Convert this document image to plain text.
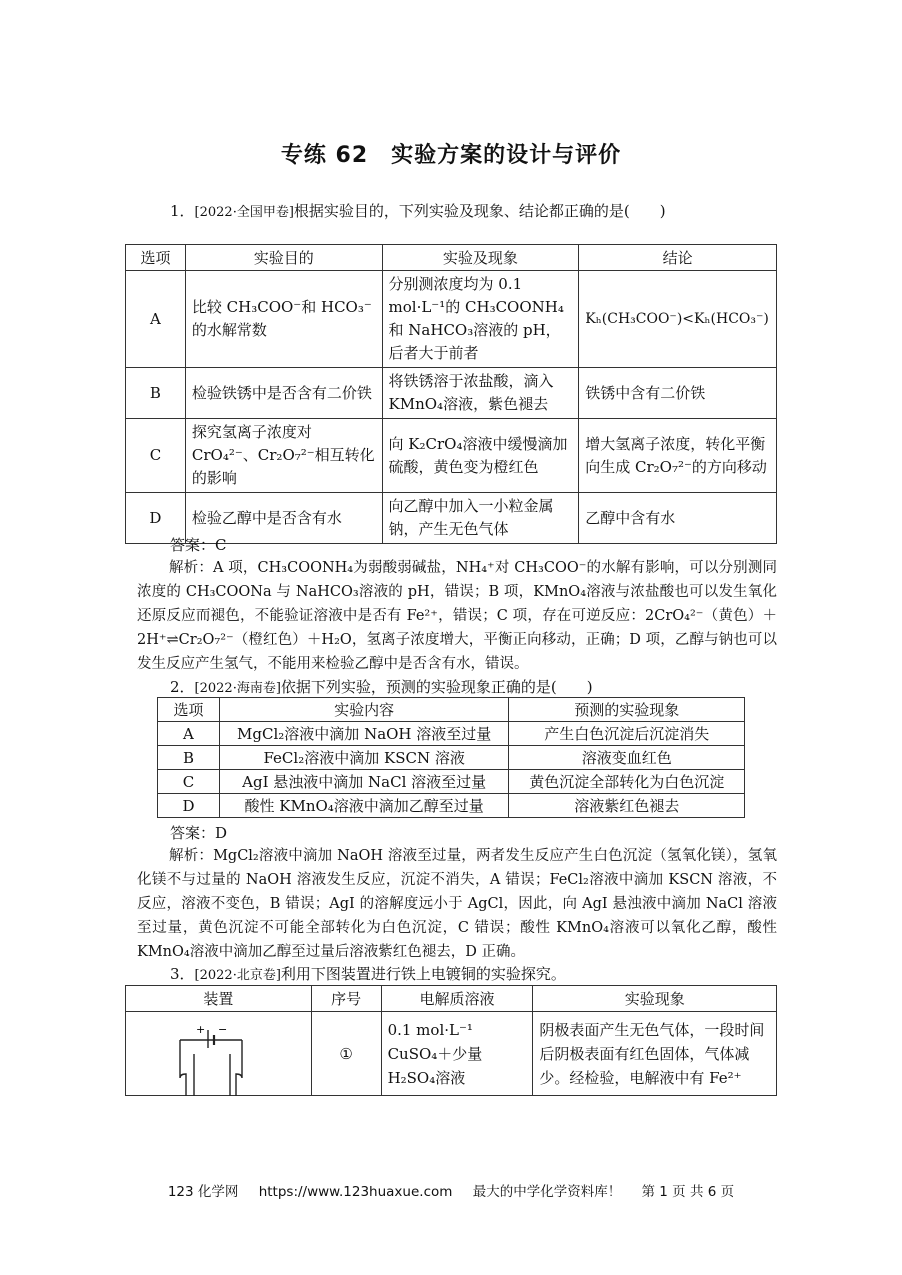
专练 62　实验方案的设计与评价
1．[2022·全国甲卷]根据实验目的，下列实验及现象、结论都正确的是(　　)
选项	实验目的	实验及现象	结论
A	比较 CH₃COO⁻和 HCO₃⁻的水解常数	分别测浓度均为 0.1 mol·L⁻¹的 CH₃COONH₄和 NaHCO₃溶液的 pH，后者大于前者	Kₕ(CH₃COO⁻)<Kₕ(HCO₃⁻)
B	检验铁锈中是否含有二价铁	将铁锈溶于浓盐酸，滴入 KMnO₄溶液，紫色褪去	铁锈中含有二价铁
C	探究氢离子浓度对 CrO₄²⁻、Cr₂O₇²⁻相互转化的影响	向 K₂CrO₄溶液中缓慢滴加硫酸，黄色变为橙红色	增大氢离子浓度，转化平衡向生成 Cr₂O₇²⁻的方向移动
D	检验乙醇中是否含有水	向乙醇中加入一小粒金属钠，产生无色气体	乙醇中含有水
答案：C
解析：A 项，CH₃COONH₄为弱酸弱碱盐，NH₄⁺对 CH₃COO⁻的水解有影响，可以分别测同浓度的 CH₃COONa 与 NaHCO₃溶液的 pH，错误；B 项，KMnO₄溶液与浓盐酸也可以发生氧化还原反应而褪色，不能验证溶液中是否有 Fe²⁺，错误；C 项，存在可逆反应：2CrO₄²⁻（黄色）＋2H⁺⇌Cr₂O₇²⁻（橙红色）＋H₂O，氢离子浓度增大，平衡正向移动，正确；D 项，乙醇与钠也可以发生反应产生氢气，不能用来检验乙醇中是否含有水，错误。
2．[2022·海南卷]依据下列实验，预测的实验现象正确的是(　　)
选项	实验内容	预测的实验现象
A	MgCl₂溶液中滴加 NaOH 溶液至过量	产生白色沉淀后沉淀消失
B	FeCl₂溶液中滴加 KSCN 溶液	溶液变血红色
C	AgI 悬浊液中滴加 NaCl 溶液至过量	黄色沉淀全部转化为白色沉淀
D	酸性 KMnO₄溶液中滴加乙醇至过量	溶液紫红色褪去
答案：D
解析：MgCl₂溶液中滴加 NaOH 溶液至过量，两者发生反应产生白色沉淀（氢氧化镁），氢氧化镁不与过量的 NaOH 溶液发生反应，沉淀不消失，A 错误；FeCl₂溶液中滴加 KSCN 溶液，不反应，溶液不变色，B 错误；AgI 的溶解度远小于 AgCl，因此，向 AgI 悬浊液中滴加 NaCl 溶液至过量，黄色沉淀不可能全部转化为白色沉淀，C 错误；酸性 KMnO₄溶液可以氧化乙醇，酸性 KMnO₄溶液中滴加乙醇至过量后溶液紫红色褪去，D 正确。
3．[2022·北京卷]利用下图装置进行铁上电镀铜的实验探究。
装置	序号	电解质溶液	实验现象
	①	0.1 mol·L⁻¹ CuSO₄＋少量 H₂SO₄溶液	阴极表面产生无色气体，一段时间后阴极表面有红色固体，气体减少。经检验，电解液中有 Fe²⁺
+ −
123 化学网 https://www.123huaxue.com 最大的中学化学资料库！ 第 1 页 共 6 页
